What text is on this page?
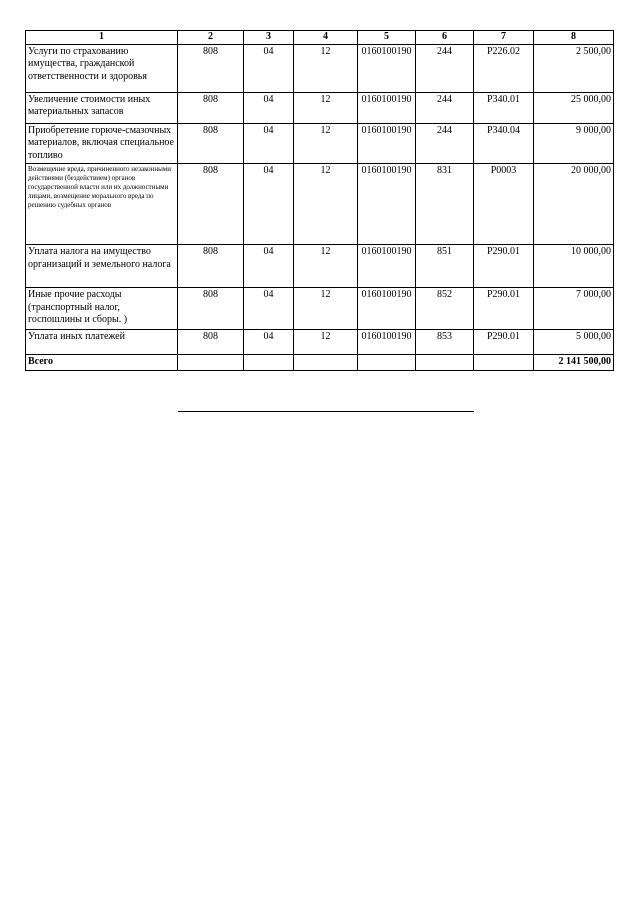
1	2	3	4	5	6	7	8
Услуги по страхованию имущества, гражданской ответственности и здоровья	808	04	12	0160100190	244	Р226.02	2 500,00
Увеличение стоимости иных материальных запасов	808	04	12	0160100190	244	Р340.01	25 000,00
Приобретение горюче-смазочных материалов, включая специальное топливо	808	04	12	0160100190	244	Р340.04	9 000,00
Возмещение вреда, причиненного незаконными действиями (бездействием) органов государственной власти или их должностными лицами, возмещение морального вреда по решению судебных органов	808	04	12	0160100190	831	Р0003	20 000,00
Уплата налога на имущество организаций и земельного налога	808	04	12	0160100190	851	Р290.01	10 000,00
Иные прочие расходы (транспортный налог, госпошлины и сборы. )	808	04	12	0160100190	852	Р290.01	7 000,00
Уплата иных платежей	808	04	12	0160100190	853	Р290.01	5 000,00
Всего							2 141 500,00
